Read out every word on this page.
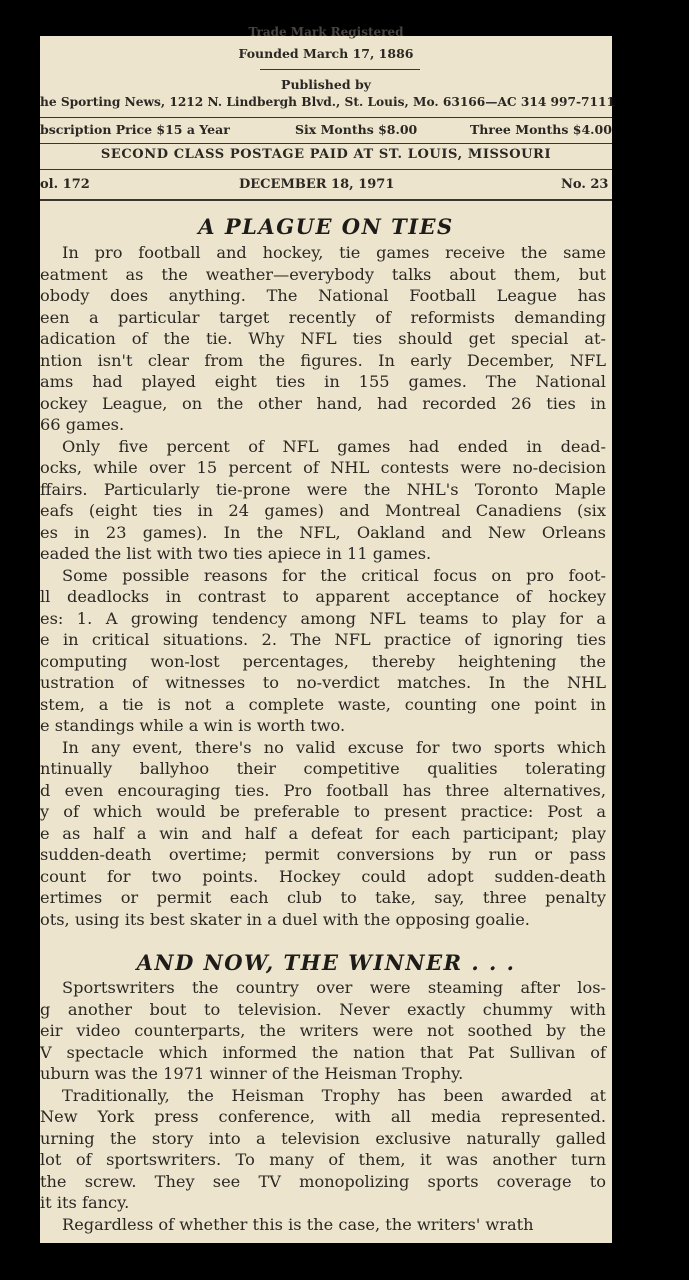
Trade Mark Registered
Founded March 17, 1886
Published by
he Sporting News, 1212 N. Lindbergh Blvd., St. Louis, Mo. 63166—AC 314 997-7111
bscription Price $15 a Year	Six Months $8.00	Three Months $4.00
SECOND CLASS POSTAGE PAID AT ST. LOUIS, MISSOURI
ol. 172	DECEMBER 18, 1971	No. 23
A PLAGUE ON TIES
In pro football and hockey, tie games receive the same
eatment as the weather—everybody talks about them, but
obody does anything. The National Football League has
een a particular target recently of reformists demanding
adication of the tie. Why NFL ties should get special at-
ntion isn't clear from the figures. In early December, NFL
ams had played eight ties in 155 games. The National
ockey League, on the other hand, had recorded 26 ties in
66 games.
Only five percent of NFL games had ended in dead-
ocks, while over 15 percent of NHL contests were no-decision
ffairs. Particularly tie-prone were the NHL's Toronto Maple
eafs (eight ties in 24 games) and Montreal Canadiens (six
es in 23 games). In the NFL, Oakland and New Orleans
eaded the list with two ties apiece in 11 games.
Some possible reasons for the critical focus on pro foot-
ll deadlocks in contrast to apparent acceptance of hockey
es: 1. A growing tendency among NFL teams to play for a
e in critical situations. 2. The NFL practice of ignoring ties
computing won-lost percentages, thereby heightening the
ustration of witnesses to no-verdict matches. In the NHL
stem, a tie is not a complete waste, counting one point in
e standings while a win is worth two.
In any event, there's no valid excuse for two sports which
ntinually ballyhoo their competitive qualities tolerating
d even encouraging ties. Pro football has three alternatives,
y of which would be preferable to present practice: Post a
e as half a win and half a defeat for each participant; play
sudden-death overtime; permit conversions by run or pass
count for two points. Hockey could adopt sudden-death
ertimes or permit each club to take, say, three penalty
ots, using its best skater in a duel with the opposing goalie.
AND NOW, THE WINNER . . .
Sportswriters the country over were steaming after los-
g another bout to television. Never exactly chummy with
eir video counterparts, the writers were not soothed by the
V spectacle which informed the nation that Pat Sullivan of
uburn was the 1971 winner of the Heisman Trophy.
Traditionally, the Heisman Trophy has been awarded at
New York press conference, with all media represented.
urning the story into a television exclusive naturally galled
lot of sportswriters. To many of them, it was another turn
the screw. They see TV monopolizing sports coverage to
it its fancy.
Regardless of whether this is the case, the writers' wrath
